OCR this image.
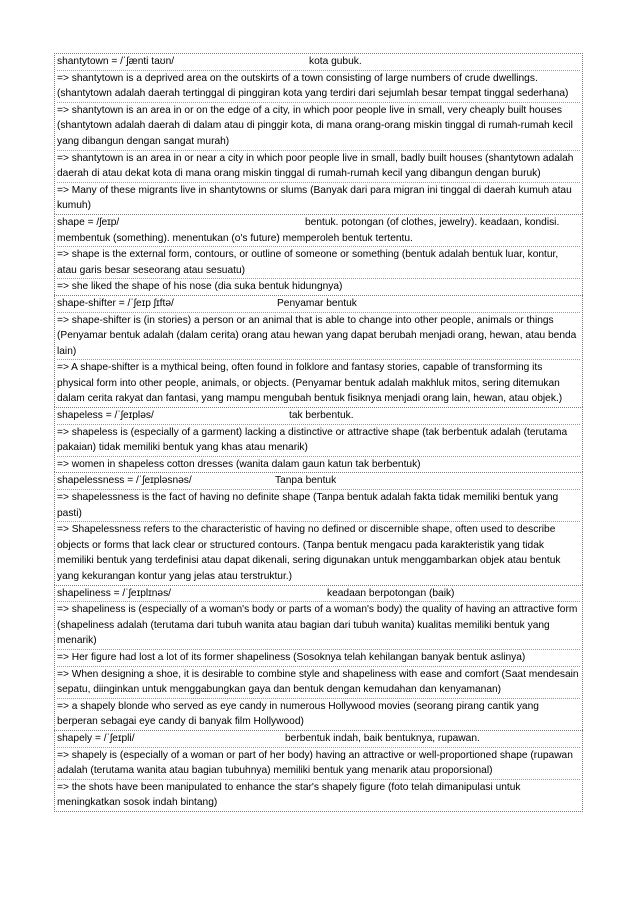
shantytown = /ˈʃænti taʊn/	kota gubuk.
=> shantytown is a deprived area on the outskirts of a town consisting of large numbers of crude dwellings. (shantytown adalah daerah tertinggal di pinggiran kota yang terdiri dari sejumlah besar tempat tinggal sederhana)
=> shantytown is an area in or on the edge of a city, in which poor people live in small, very cheaply built houses (shantytown adalah daerah di dalam atau di pinggir kota, di mana orang-orang miskin tinggal di rumah-rumah kecil yang dibangun dengan sangat murah)
=> shantytown is an area in or near a city in which poor people live in small, badly built houses (shantytown adalah daerah di atau dekat kota di mana orang miskin tinggal di rumah-rumah kecil yang dibangun dengan buruk)
=> Many of these migrants live in shantytowns or slums (Banyak dari para migran ini tinggal di daerah kumuh atau kumuh)
shape = /ʃeɪp/	bentuk. potongan (of clothes, jewelry). keadaan, kondisi. membentuk (something). menentukan (o's future) memperoleh bentuk tertentu.
=> shape is the external form, contours, or outline of someone or something (bentuk adalah bentuk luar, kontur, atau garis besar seseorang atau sesuatu)
=> she liked the shape of his nose (dia suka bentuk hidungnya)
shape-shifter = /ˈʃeɪp ʃɪftə/	Penyamar bentuk
=> shape-shifter is (in stories) a person or an animal that is able to change into other people, animals or things (Penyamar bentuk adalah (dalam cerita) orang atau hewan yang dapat berubah menjadi orang, hewan, atau benda lain)
=> A shape-shifter is a mythical being, often found in folklore and fantasy stories, capable of transforming its physical form into other people, animals, or objects. (Penyamar bentuk adalah makhluk mitos, sering ditemukan dalam cerita rakyat dan fantasi, yang mampu mengubah bentuk fisiknya menjadi orang lain, hewan, atau objek.)
shapeless = /ˈʃeɪpləs/	tak berbentuk.
=> shapeless is (especially of a garment) lacking a distinctive or attractive shape (tak berbentuk adalah (terutama pakaian) tidak memiliki bentuk yang khas atau menarik)
=> women in shapeless cotton dresses (wanita dalam gaun katun tak berbentuk)
shapelessness = /ˈʃeɪpləsnəs/	Tanpa bentuk
=> shapelessness is the fact of having no definite shape (Tanpa bentuk adalah fakta tidak memiliki bentuk yang pasti)
=> Shapelessness refers to the characteristic of having no defined or discernible shape, often used to describe objects or forms that lack clear or structured contours. (Tanpa bentuk mengacu pada karakteristik yang tidak memiliki bentuk yang terdefinisi atau dapat dikenali, sering digunakan untuk menggambarkan objek atau bentuk yang kekurangan kontur yang jelas atau terstruktur.)
shapeliness = /ˈʃeɪplɪnəs/	keadaan berpotongan (baik)
=> shapeliness is (especially of a woman's body or parts of a woman's body) the quality of having an attractive form (shapeliness adalah (terutama dari tubuh wanita atau bagian dari tubuh wanita) kualitas memiliki bentuk yang menarik)
=> Her figure had lost a lot of its former shapeliness (Sosoknya telah kehilangan banyak bentuk aslinya)
=> When designing a shoe, it is desirable to combine style and shapeliness with ease and comfort (Saat mendesain sepatu, diinginkan untuk menggabungkan gaya dan bentuk dengan kemudahan dan kenyamanan)
=> a shapely blonde who served as eye candy in numerous Hollywood movies (seorang pirang cantik yang berperan sebagai eye candy di banyak film Hollywood)
shapely = /ˈʃeɪpli/	berbentuk indah, baik bentuknya, rupawan.
=> shapely is (especially of a woman or part of her body) having an attractive or well-proportioned shape (rupawan adalah (terutama wanita atau bagian tubuhnya) memiliki bentuk yang menarik atau proporsional)
=> the shots have been manipulated to enhance the star's shapely figure (foto telah dimanipulasi untuk meningkatkan sosok indah bintang)
